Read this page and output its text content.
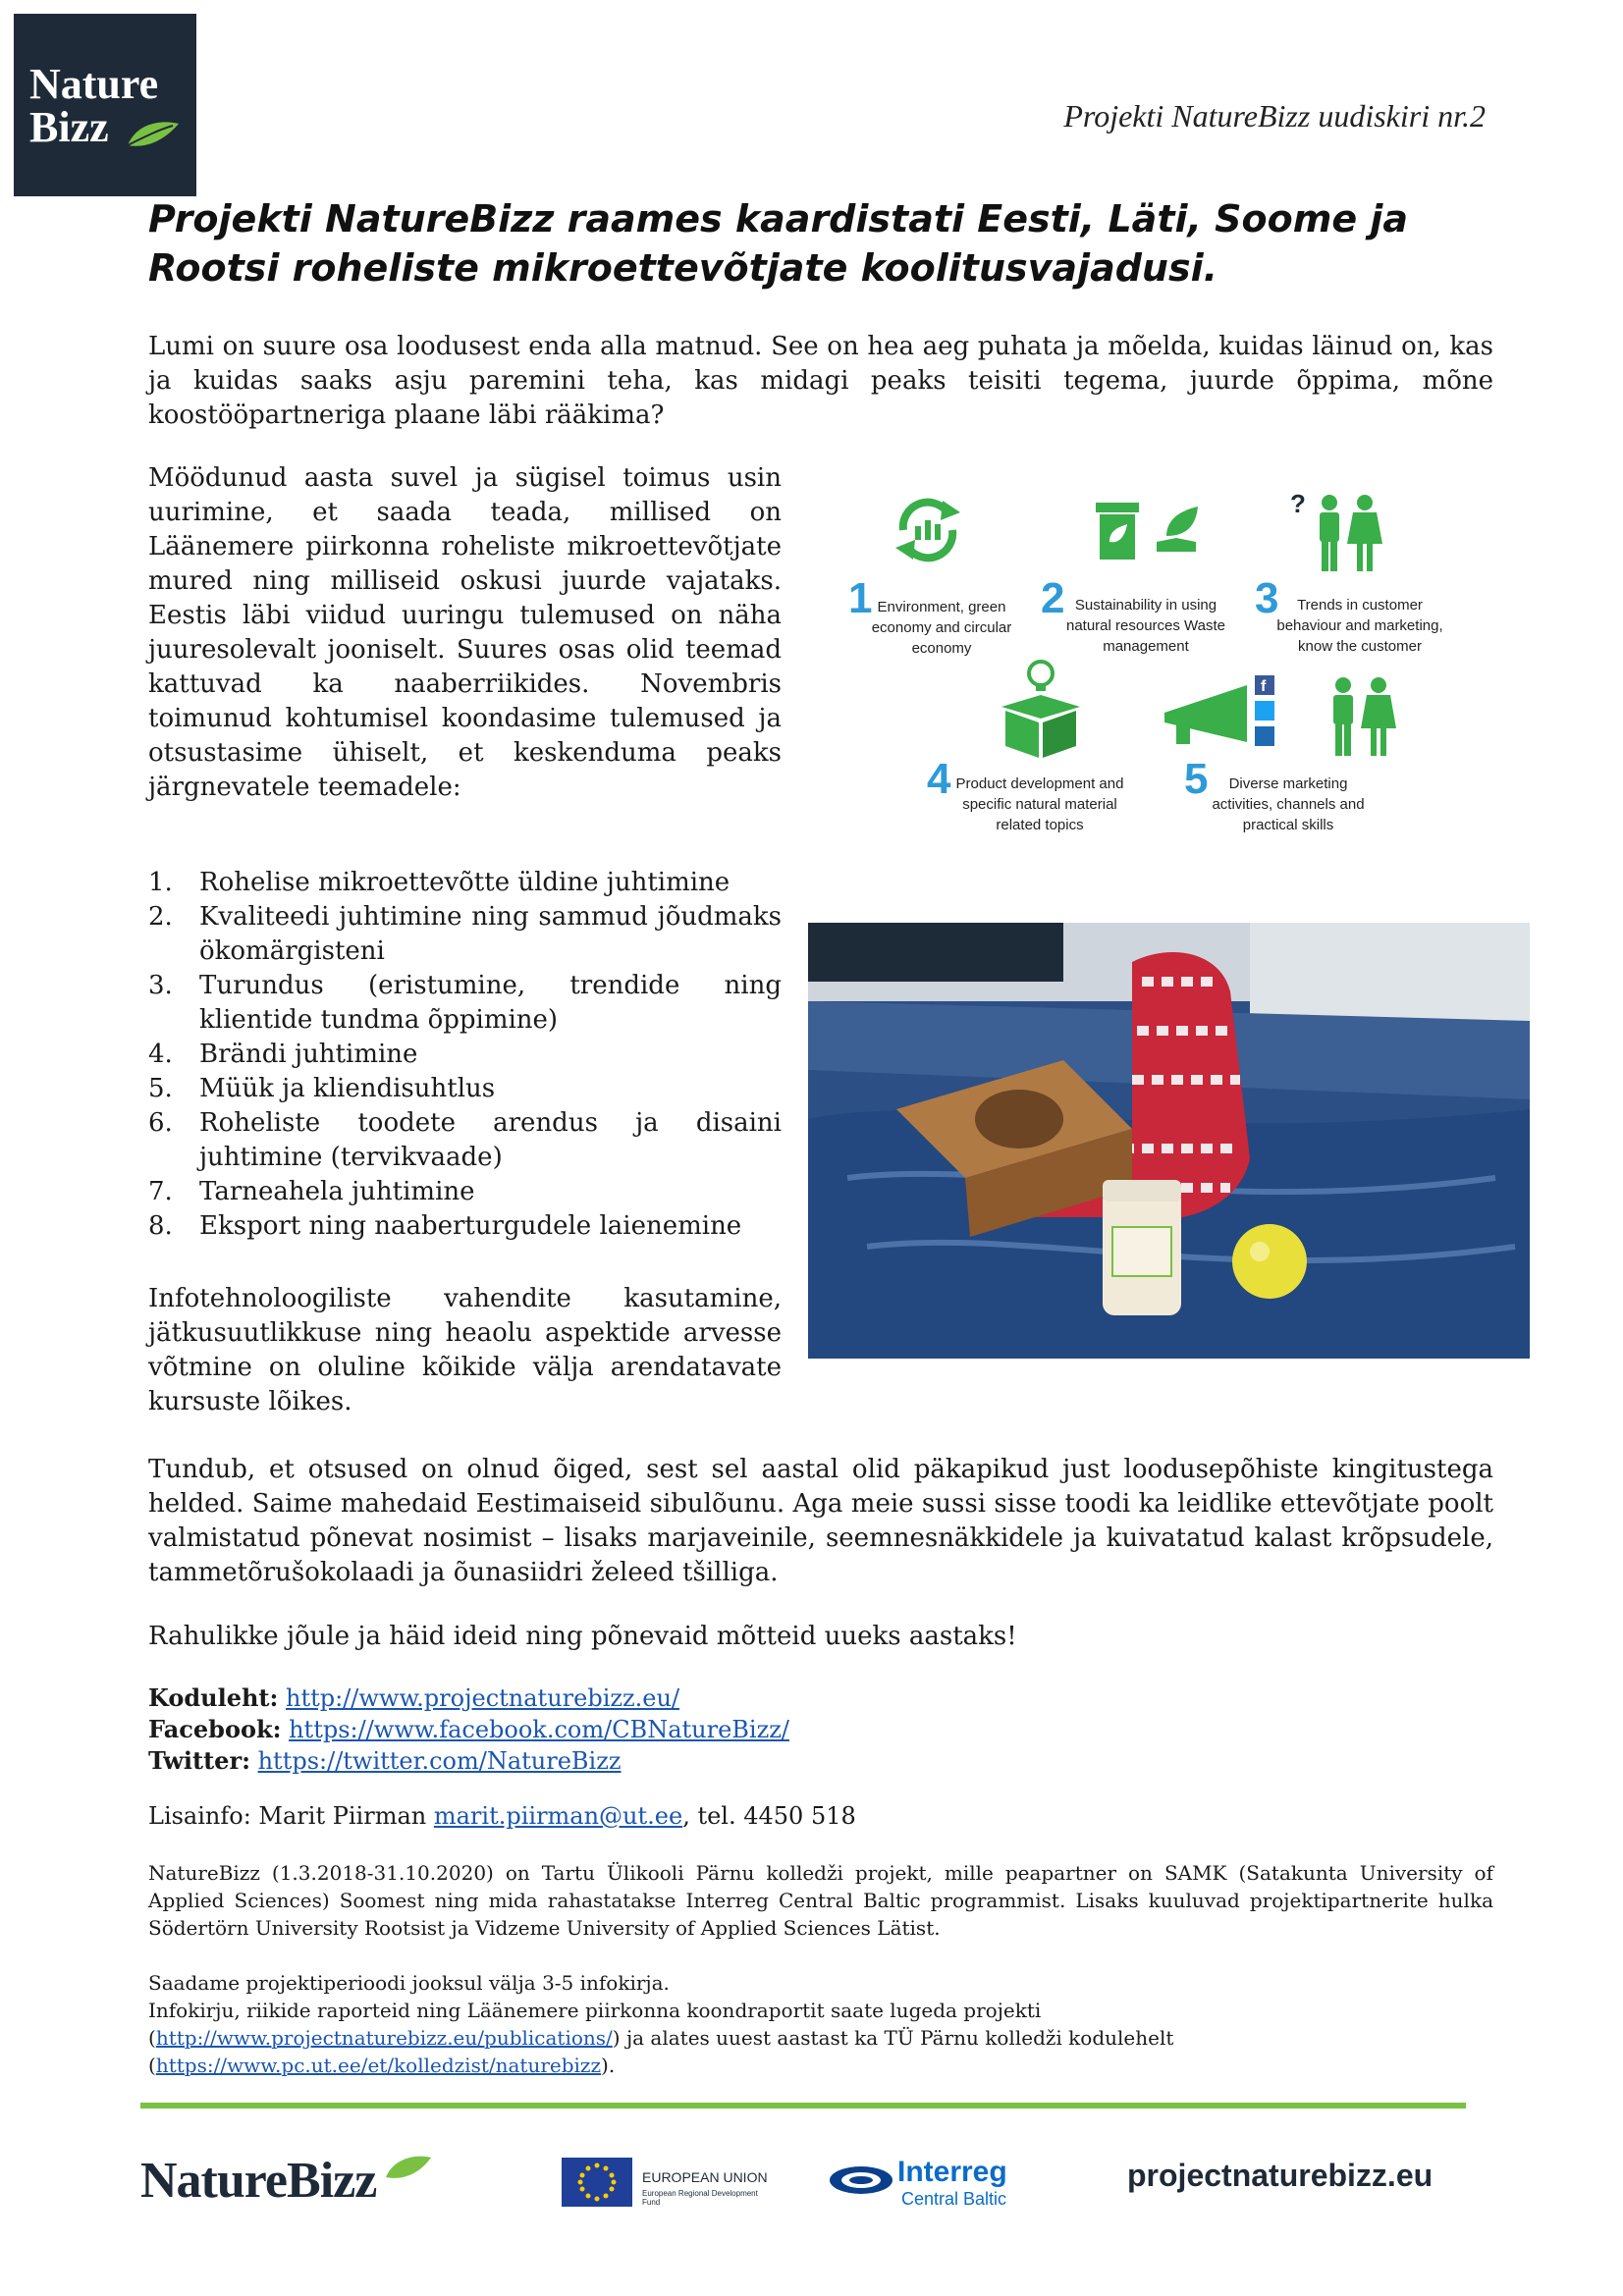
Nature
Bizz	Projekti NatureBizz uudiskiri nr.2
Projekti NatureBizz raames kaardistati Eesti, Läti, Soome ja Rootsi roheliste mikroettevõtjate koolitusvajadusi.
Lumi on suure osa loodusest enda alla matnud. See on hea aeg puhata ja mõelda, kuidas läinud on, kas ja kuidas saaks asju paremini teha, kas midagi peaks teisiti tegema, juurde õppima, mõne koostööpartneriga plaane läbi rääkima?
Möödunud aasta suvel ja sügisel toimus usin uurimine, et saada teada, millised on Läänemere piirkonna roheliste mikroettevõtjate mured ning milliseid oskusi juurde vajataks. Eestis läbi viidud uuringu tulemused on näha juuresolevalt jooniselt. Suures osas olid teemad kattuvad ka naaberriikides. Novembris toimunud kohtumisel koondasime tulemused ja otsustasime ühiselt, et keskenduma peaks järgnevatele teemadele:
1. Rohelise mikroettevõtte üldine juhtimine
2. Kvaliteedi juhtimine ning sammud jõudmaks ökomärgisteni
3. Turundus (eristumine, trendide ning klientide tundma õppimine)
4. Brändi juhtimine
5. Müük ja kliendisuhtlus
6. Roheliste toodete arendus ja disaini juhtimine (tervikvaade)
7. Tarneahela juhtimine
8. Eksport ning naaberturgudele laienemine
Infotehnoloogiliste vahendite kasutamine, jätkusuutlikkuse ning heaolu aspektide arvesse võtmine on oluline kõikide välja arendatavate kursuste lõikes.
1 Environment, green economy and circular economy
2 Sustainability in using natural resources Waste management
?
3	Trends in customer behaviour and marketing, know the customer
4 Product development and specific natural material related topics
f
5	Diverse marketing activities, channels and practical skills
Tundub, et otsused on olnud õiged, sest sel aastal olid päkapikud just loodusepõhiste kingitustega helded. Saime mahedaid Eestimaiseid sibulõunu. Aga meie sussi sisse toodi ka leidlike ettevõtjate poolt valmistatud põnevat nosimist – lisaks marjaveinile, seemnesnäkkidele ja kuivatatud kalast krõpsudele, tammetõrušokolaadi ja õunasiidri želeed tšilliga.
Rahulikke jõule ja häid ideid ning põnevaid mõtteid uueks aastaks!
Koduleht: http://www.projectnaturebizz.eu/
Facebook: https://www.facebook.com/CBNatureBizz/
Twitter: https://twitter.com/NatureBizz
Lisainfo: Marit Piirman marit.piirman@ut.ee, tel. 4450 518
NatureBizz (1.3.2018-31.10.2020) on Tartu Ülikooli Pärnu kolledži projekt, mille peapartner on SAMK (Satakunta University of Applied Sciences) Soomest ning mida rahastatakse Interreg Central Baltic programmist. Lisaks kuuluvad projektipartnerite hulka Södertörn University Rootsist ja Vidzeme University of Applied Sciences Lätist.
Saadame projektiperioodi jooksul välja 3-5 infokirja.
Infokirju, riikide raporteid ning Läänemere piirkonna koondraportit saate lugeda projekti
(http://www.projectnaturebizz.eu/publications/) ja alates uuest aastast ka TÜ Pärnu kolledži kodulehelt
(https://www.pc.ut.ee/et/kolledzist/naturebizz).
NatureBizz	EUROPEAN UNION
European Regional Development Fund
Interreg
Central Baltic
projectnaturebizz.eu
